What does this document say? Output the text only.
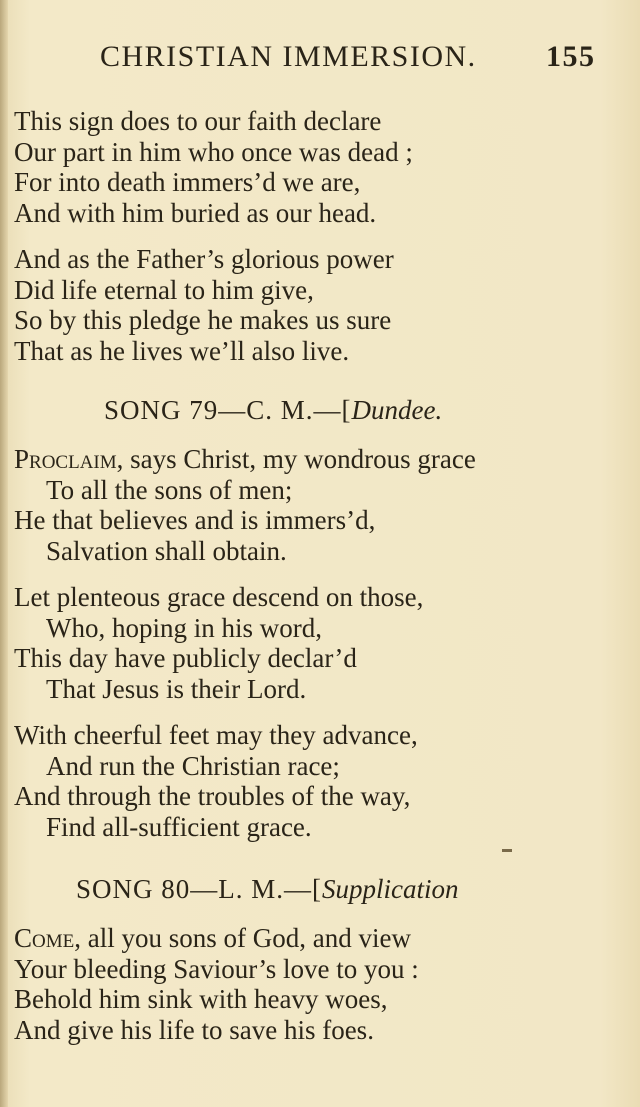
CHRISTIAN IMMERSION. 155
This sign does to our faith declare
Our part in him who once was dead ;
For into death immers’d we are,
And with him buried as our head.
And as the Father’s glorious power
Did life eternal to him give,
So by this pledge he makes us sure
That as he lives we’ll also live.
SONG 79—C. M.—[Dundee.
Proclaim, says Christ, my wondrous grace
To all the sons of men;
He that believes and is immers’d,
Salvation shall obtain.
Let plenteous grace descend on those,
Who, hoping in his word,
This day have publicly declar’d
That Jesus is their Lord.
With cheerful feet may they advance,
And run the Christian race;
And through the troubles of the way,
Find all-sufficient grace.
SONG 80—L. M.—[Supplication
Come, all you sons of God, and view
Your bleeding Saviour’s love to you :
Behold him sink with heavy woes,
And give his life to save his foes.
